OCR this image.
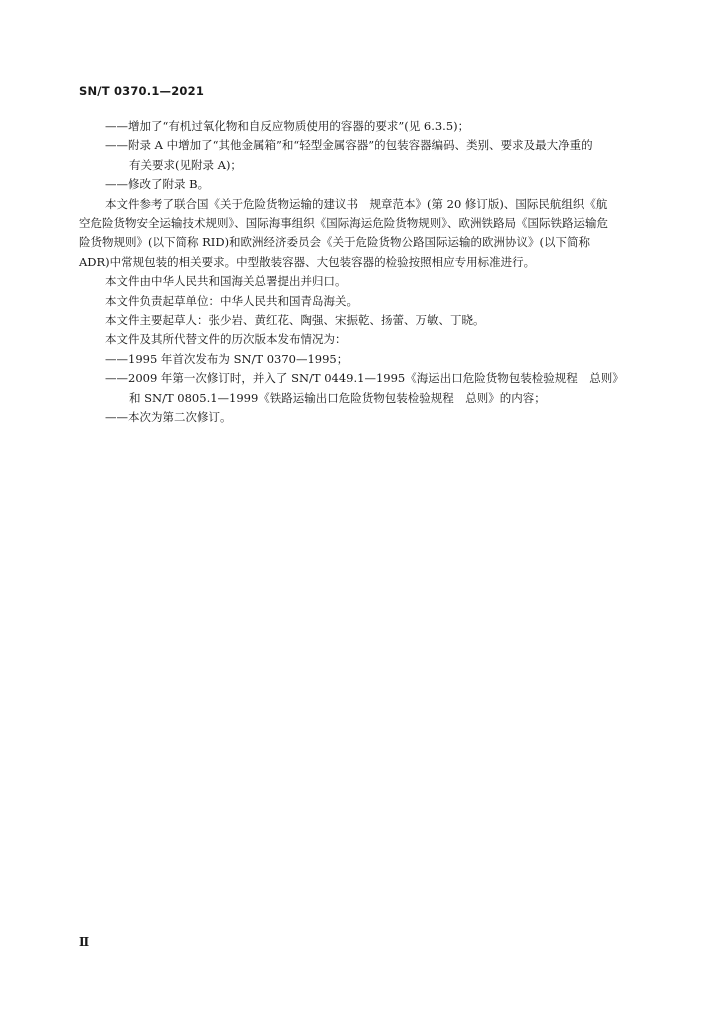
SN/T 0370.1—2021

——增加了“有机过氧化物和自反应物质使用的容器的要求”(见 6.3.5)；

——附录 A 中增加了“其他金属箱”和“轻型金属容器”的包装容器编码、类别、要求及最大净重的

有关要求(见附录 A)；

——修改了附录 B。

本文件参考了联合国《关于危险货物运输的建议书　规章范本》(第 20 修订版)、国际民航组织《航

空危险货物安全运输技术规则》、国际海事组织《国际海运危险货物规则》、欧洲铁路局《国际铁路运输危

险货物规则》(以下简称 RID)和欧洲经济委员会《关于危险货物公路国际运输的欧洲协议》(以下简称

ADR)中常规包装的相关要求。中型散装容器、大包装容器的检验按照相应专用标准进行。

本文件由中华人民共和国海关总署提出并归口。

本文件负责起草单位：中华人民共和国青岛海关。

本文件主要起草人：张少岩、黄红花、陶强、宋振乾、扬蕾、万敏、丁晓。

本文件及其所代替文件的历次版本发布情况为：

——1995 年首次发布为 SN/T 0370—1995；

——2009 年第一次修订时，并入了 SN/T 0449.1—1995《海运出口危险货物包装检验规程　总则》

和 SN/T 0805.1—1999《铁路运输出口危险货物包装检验规程　总则》的内容；

——本次为第二次修订。

Ⅱ
